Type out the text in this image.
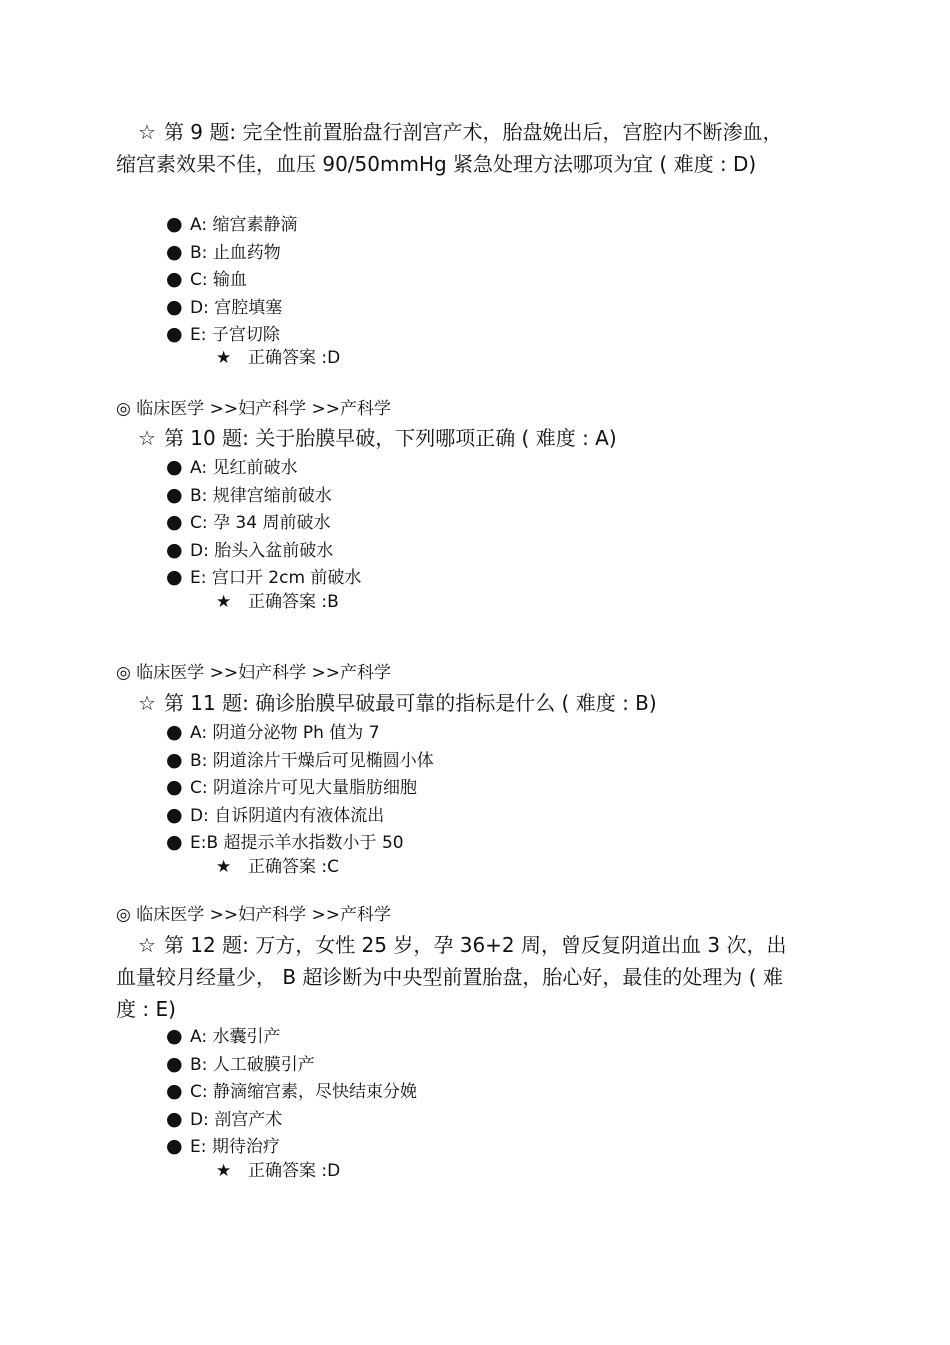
☆ 第 9 题: 完全性前置胎盘行剖宫产术，胎盘娩出后，宫腔内不断渗血，缩宫素效果不佳，血压 90/50mmHg 紧急处理方法哪项为宜 ( 难度 : D)
● A: 缩宫素静滴
● B: 止血药物
● C: 输血
● D: 宫腔填塞
● E: 子宫切除
★ 正确答案 :D
◎ 临床医学 >>妇产科学 >>产科学
☆ 第 10 题: 关于胎膜早破，下列哪项正确 ( 难度 : A)
● A: 见红前破水
● B: 规律宫缩前破水
● C: 孕 34 周前破水
● D: 胎头入盆前破水
● E: 宫口开 2cm 前破水
★ 正确答案 :B
◎ 临床医学 >>妇产科学 >>产科学
☆ 第 11 题: 确诊胎膜早破最可靠的指标是什么 ( 难度 : B)
● A: 阴道分泌物 Ph 值为 7
● B: 阴道涂片干燥后可见椭圆小体
● C: 阴道涂片可见大量脂肪细胞
● D: 自诉阴道内有液体流出
● E:B 超提示羊水指数小于 50
★ 正确答案 :C
◎ 临床医学 >>妇产科学 >>产科学
☆ 第 12 题: 万方，女性 25 岁，孕 36+2 周，曾反复阴道出血 3 次，出血量较月经量少， B 超诊断为中央型前置胎盘，胎心好，最佳的处理为 ( 难度 : E)
● A: 水囊引产
● B: 人工破膜引产
● C: 静滴缩宫素，尽快结束分娩
● D: 剖宫产术
● E: 期待治疗
★ 正确答案 :D
